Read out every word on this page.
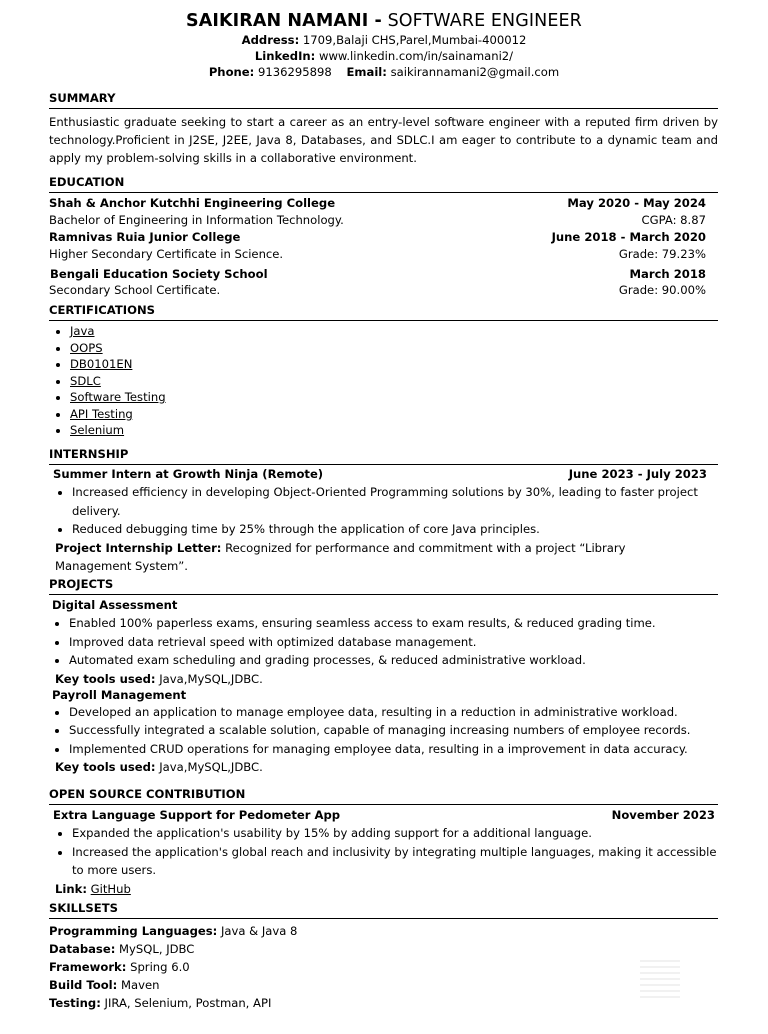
SAIKIRAN NAMANI - SOFTWARE ENGINEER
Address: 1709,Balaji CHS,Parel,Mumbai-400012
LinkedIn: www.linkedin.com/in/sainamani2/
Phone: 9136295898 Email: saikirannamani2@gmail.com
SUMMARY
Enthusiastic graduate seeking to start a career as an entry-level software engineer with a reputed firm driven by technology.Proficient in J2SE, J2EE, Java 8, Databases, and SDLC.I am eager to contribute to a dynamic team and apply my problem-solving skills in a collaborative environment.
EDUCATION
Shah & Anchor Kutchhi Engineering College	May 2020 - May 2024
Bachelor of Engineering in Information Technology.	CGPA: 8.87
Ramnivas Ruia Junior College	June 2018 - March 2020
Higher Secondary Certificate in Science.	Grade: 79.23%
Bengali Education Society School	March 2018
Secondary School Certificate.	Grade: 90.00%
CERTIFICATIONS
• Java
• OOPS
• DB0101EN
• SDLC
• Software Testing
• API Testing
• Selenium
INTERNSHIP
Summer Intern at Growth Ninja (Remote)	June 2023 - July 2023
• Increased efficiency in developing Object-Oriented Programming solutions by 30%, leading to faster project delivery.
• Reduced debugging time by 25% through the application of core Java principles.
Project Internship Letter: Recognized for performance and commitment with a project “Library Management System”.
PROJECTS
Digital Assessment
• Enabled 100% paperless exams, ensuring seamless access to exam results, & reduced grading time.
• Improved data retrieval speed with optimized database management.
• Automated exam scheduling and grading processes, & reduced administrative workload.
Key tools used: Java,MySQL,JDBC.
Payroll Management
• Developed an application to manage employee data, resulting in a reduction in administrative workload.
• Successfully integrated a scalable solution, capable of managing increasing numbers of employee records.
• Implemented CRUD operations for managing employee data, resulting in a improvement in data accuracy.
Key tools used: Java,MySQL,JDBC.
OPEN SOURCE CONTRIBUTION
Extra Language Support for Pedometer App	November 2023
• Expanded the application's usability by 15% by adding support for a additional language.
• Increased the application's global reach and inclusivity by integrating multiple languages, making it accessible to more users.
Link: GitHub
SKILLSETS
Programming Languages: Java & Java 8
Database: MySQL, JDBC
Framework: Spring 6.0
Build Tool: Maven
Testing: JIRA, Selenium, Postman, API
